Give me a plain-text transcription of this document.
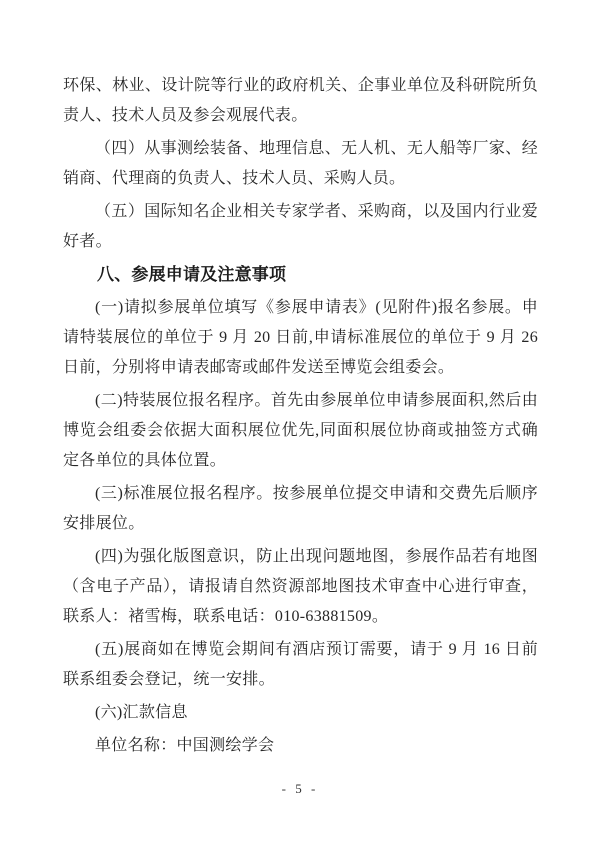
环保、林业、设计院等行业的政府机关、企事业单位及科研院所负责人、技术人员及参会观展代表。

（四）从事测绘装备、地理信息、无人机、无人船等厂家、经销商、代理商的负责人、技术人员、采购人员。

（五）国际知名企业相关专家学者、采购商，以及国内行业爱好者。

八、参展申请及注意事项

(一)请拟参展单位填写《参展申请表》(见附件)报名参展。申请特装展位的单位于 9 月 20 日前,申请标准展位的单位于 9 月 26 日前，分别将申请表邮寄或邮件发送至博览会组委会。

(二)特装展位报名程序。首先由参展单位申请参展面积,然后由博览会组委会依据大面积展位优先,同面积展位协商或抽签方式确定各单位的具体位置。

(三)标准展位报名程序。按参展单位提交申请和交费先后顺序安排展位。

(四)为强化版图意识，防止出现问题地图，参展作品若有地图（含电子产品），请报请自然资源部地图技术审查中心进行审查，联系人：褚雪梅，联系电话：010-63881509。

(五)展商如在博览会期间有酒店预订需要，请于 9 月 16 日前联系组委会登记，统一安排。

(六)汇款信息

单位名称：中国测绘学会

- 5 -
